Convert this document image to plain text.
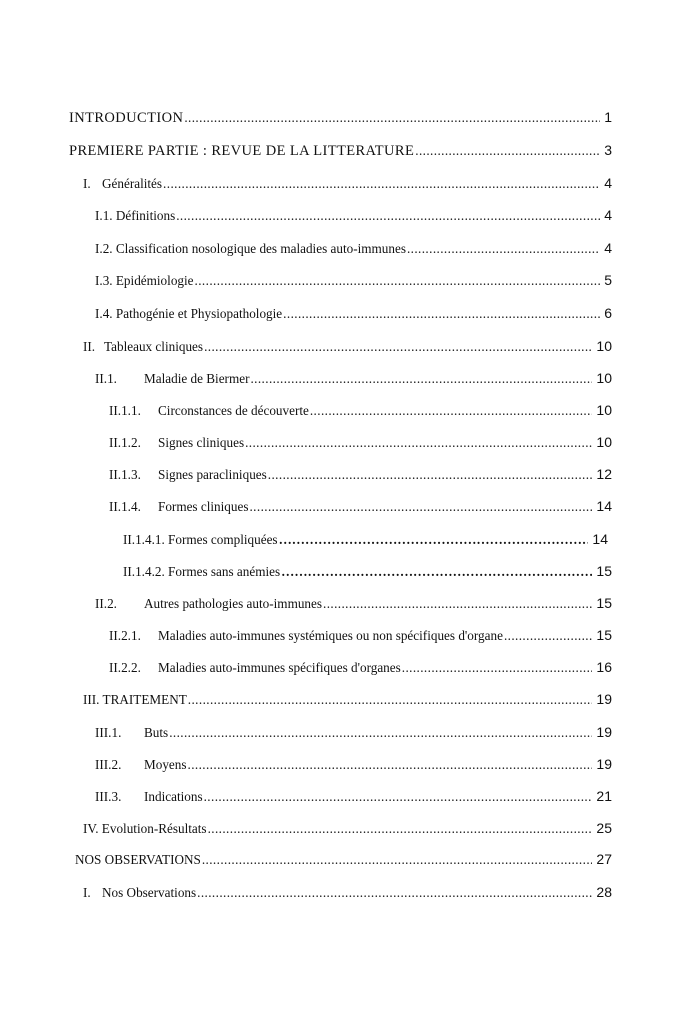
INTRODUCTION .....	1
PREMIERE PARTIE : REVUE DE LA LITTERATURE .....	3
I. Généralités .....	4
I.1. Définitions .....	4
I.2. Classification nosologique des maladies auto-immunes .....	4
I.3. Epidémiologie .....	5
I.4. Pathogénie et Physiopathologie .....	6
II. Tableaux cliniques .....	10
II.1. Maladie de Biermer .....	10
II.1.1. Circonstances de découverte .....	10
II.1.2. Signes cliniques .....	10
II.1.3. Signes paracliniques .....	12
II.1.4. Formes cliniques .....	14
II.1.4.1. Formes compliquées …………………………………………………………………………………………………………	14
II.1.4.2. Formes sans anémies …………………………………………………………………………………………………………	15
II.2. Autres pathologies auto-immunes .....	15
II.2.1. Maladies auto-immunes systémiques ou non spécifiques d'organe .....	15
II.2.2. Maladies auto-immunes spécifiques d'organes .....	16
III. TRAITEMENT .....	19
III.1. Buts .....	19
III.2. Moyens .....	19
III.3. Indications .....	21
IV. Evolution-Résultats .....	25
NOS OBSERVATIONS .....	27
I. Nos Observations .....	28
